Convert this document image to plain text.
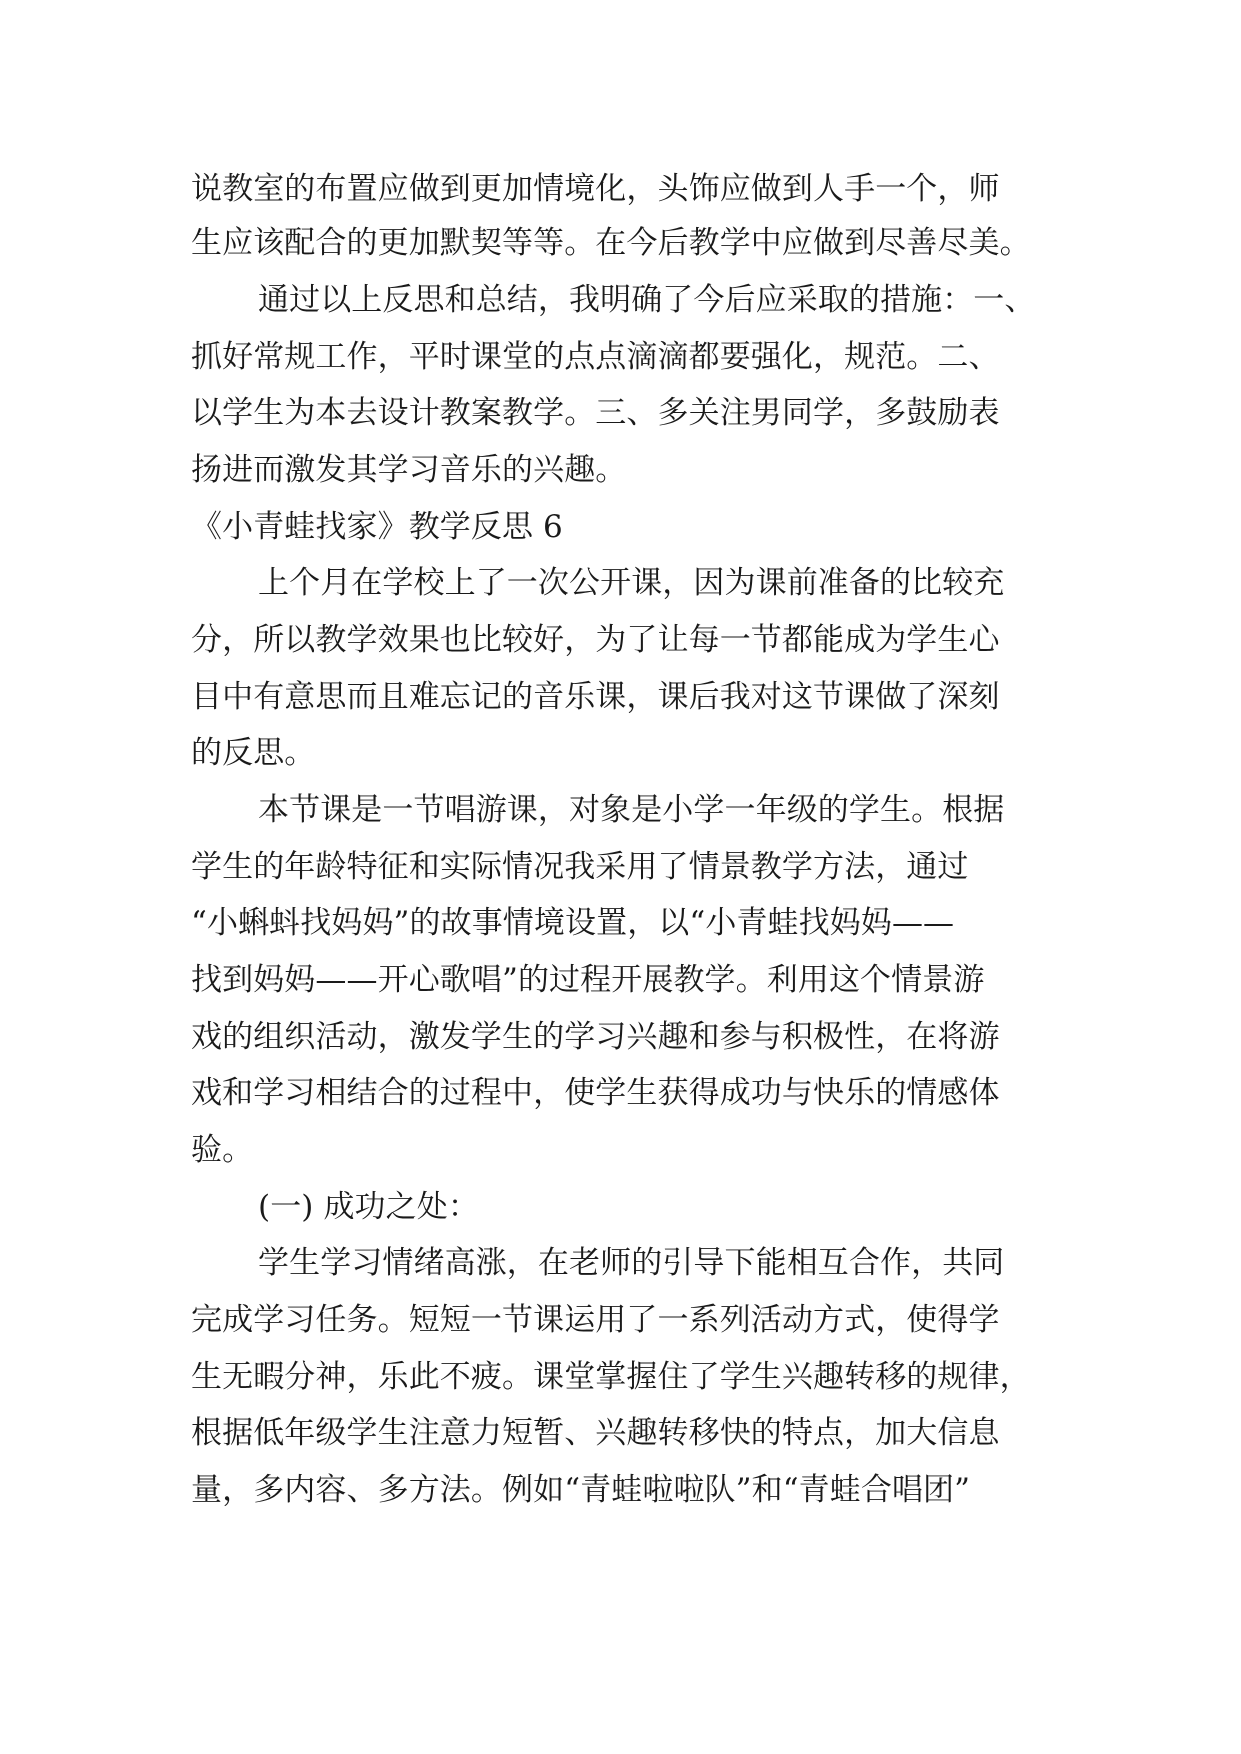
说教室的布置应做到更加情境化，头饰应做到人手一个，师
生应该配合的更加默契等等。在今后教学中应做到尽善尽美。
通过以上反思和总结，我明确了今后应采取的措施：一、
抓好常规工作，平时课堂的点点滴滴都要强化，规范。二、
以学生为本去设计教案教学。三、多关注男同学，多鼓励表
扬进而激发其学习音乐的兴趣。
《小青蛙找家》教学反思 6
上个月在学校上了一次公开课，因为课前准备的比较充
分，所以教学效果也比较好，为了让每一节都能成为学生心
目中有意思而且难忘记的音乐课，课后我对这节课做了深刻
的反思。
本节课是一节唱游课，对象是小学一年级的学生。根据
学生的年龄特征和实际情况我采用了情景教学方法，通过
“小蝌蚪找妈妈”的故事情境设置，以“小青蛙找妈妈——
找到妈妈——开心歌唱”的过程开展教学。利用这个情景游
戏的组织活动，激发学生的学习兴趣和参与积极性，在将游
戏和学习相结合的过程中，使学生获得成功与快乐的情感体
验。
(一) 成功之处：
学生学习情绪高涨，在老师的引导下能相互合作，共同
完成学习任务。短短一节课运用了一系列活动方式，使得学
生无暇分神，乐此不疲。课堂掌握住了学生兴趣转移的规律，
根据低年级学生注意力短暂、兴趣转移快的特点，加大信息
量，多内容、多方法。例如“青蛙啦啦队”和“青蛙合唱团”
